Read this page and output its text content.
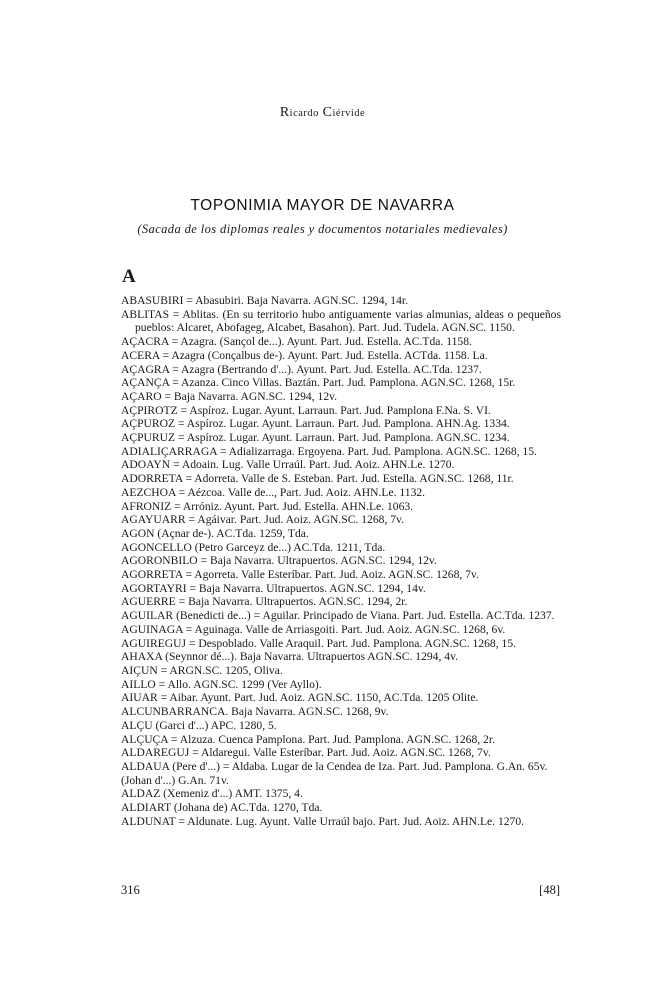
Ricardo Ciérvide
TOPONIMIA MAYOR DE NAVARRA
(Sacada de los diplomas reales y documentos notariales medievales)
A
ABASUBIRI = Abasubiri. Baja Navarra. AGN.SC. 1294, 14r.
ABLITAS = Ablitas. (En su territorio hubo antiguamente varias almunias, aldeas o pequeños pueblos: Alcaret, Abofageg, Alcabet, Basahon). Part. Jud. Tudela. AGN.SC. 1150.
AÇACRA = Azagra. (Sançol de...). Ayunt. Part. Jud. Estella. AC.Tda. 1158.
ACERA = Azagra (Conçalbus de-). Ayunt. Part. Jud. Estella. ACTda. 1158. La.
AÇAGRA = Azagra (Bertrando d'...). Ayunt. Part. Jud. Estella. AC.Tda. 1237.
AÇANÇA = Azanza. Cinco Villas. Baztán. Part. Jud. Pamplona. AGN.SC. 1268, 15r.
AÇARO = Baja Navarra. AGN.SC. 1294, 12v.
AÇPIROTZ = Aspíroz. Lugar. Ayunt. Larraun. Part. Jud. Pamplona F.Na. S. VI.
AÇPUROZ = Aspíroz. Lugar. Ayunt. Larraun. Part. Jud. Pamplona. AHN.Ag. 1334.
AÇPURUZ = Aspíroz. Lugar. Ayunt. Larraun. Part. Jud. Pamplona. AGN.SC. 1234.
ADIALIÇARRAGA = Adializarraga. Ergoyena. Part. Jud. Pamplona. AGN.SC. 1268, 15.
ADOAYN = Adoain. Lug. Valle Urraúl. Part. Jud. Aoiz. AHN.Le. 1270.
ADORRETA = Adorreta. Valle de S. Esteban. Part. Jud. Estella. AGN.SC. 1268, 11r.
AEZCHOA = Aézcoa. Valle de..., Part. Jud. Aoiz. AHN.Le. 1132.
AFRONIZ = Arróniz. Ayunt. Part. Jud. Estella. AHN.Le. 1063.
AGAYUARR = Agáivar. Part. Jud. Aoiz. AGN.SC. 1268, 7v.
AGON (Açnar de-). AC.Tda. 1259, Tda.
AGONCELLO (Petro Garceyz de...) AC.Tda. 1211, Tda.
AGORONBILO = Baja Navarra. Ultrapuertos. AGN.SC. 1294, 12v.
AGORRETA = Agorreta. Valle Esteríbar. Part. Jud. Aoiz. AGN.SC. 1268, 7v.
AGORTAYRI = Baja Navarra. Ultrapuertos. AGN.SC. 1294, 14v.
AGUERRE = Baja Navarra. Ultrapuertos. AGN.SC. 1294, 2r.
AGUILAR (Benedicti de...) = Aguilar. Principado de Viana. Part. Jud. Estella. AC.Tda. 1237.
AGUINAGA = Aguinaga. Valle de Arriasgoiti. Part. Jud. Aoiz. AGN.SC. 1268, 6v.
AGUIREGUJ = Despoblado. Valle Araquil. Part. Jud. Pamplona. AGN.SC. 1268, 15.
AHAXA (Seynnor dé...). Baja Navarra. Ultrapuertos AGN.SC. 1294, 4v.
AIÇUN = ARGN.SC. 1205, Oliva.
AILLO = Allo. AGN.SC. 1299 (Ver Ayllo).
AIUAR = Aibar. Ayunt. Part. Jud. Aoiz. AGN.SC. 1150, AC.Tda. 1205 Olite.
ALCUNBARRANCA. Baja Navarra. AGN.SC. 1268, 9v.
ALÇU (Garci d'...) APC. 1280, 5.
ALÇUÇA = Alzuza. Cuenca Pamplona. Part. Jud. Pamplona. AGN.SC. 1268, 2r.
ALDAREGUJ = Aldaregui. Valle Esteríbar. Part. Jud. Aoiz. AGN.SC. 1268, 7v.
ALDAUA (Pere d'...) = Aldaba. Lugar de la Cendea de Iza. Part. Jud. Pamplona. G.An. 65v.
(Johan d'...) G.An. 71v.
ALDAZ (Xemeniz d'...) AMT. 1375, 4.
ALDIART (Johana de) AC.Tda. 1270, Tda.
ALDUNAT = Aldunate. Lug. Ayunt. Valle Urraúl bajo. Part. Jud. Aoiz. AHN.Le. 1270.
316	[48]
